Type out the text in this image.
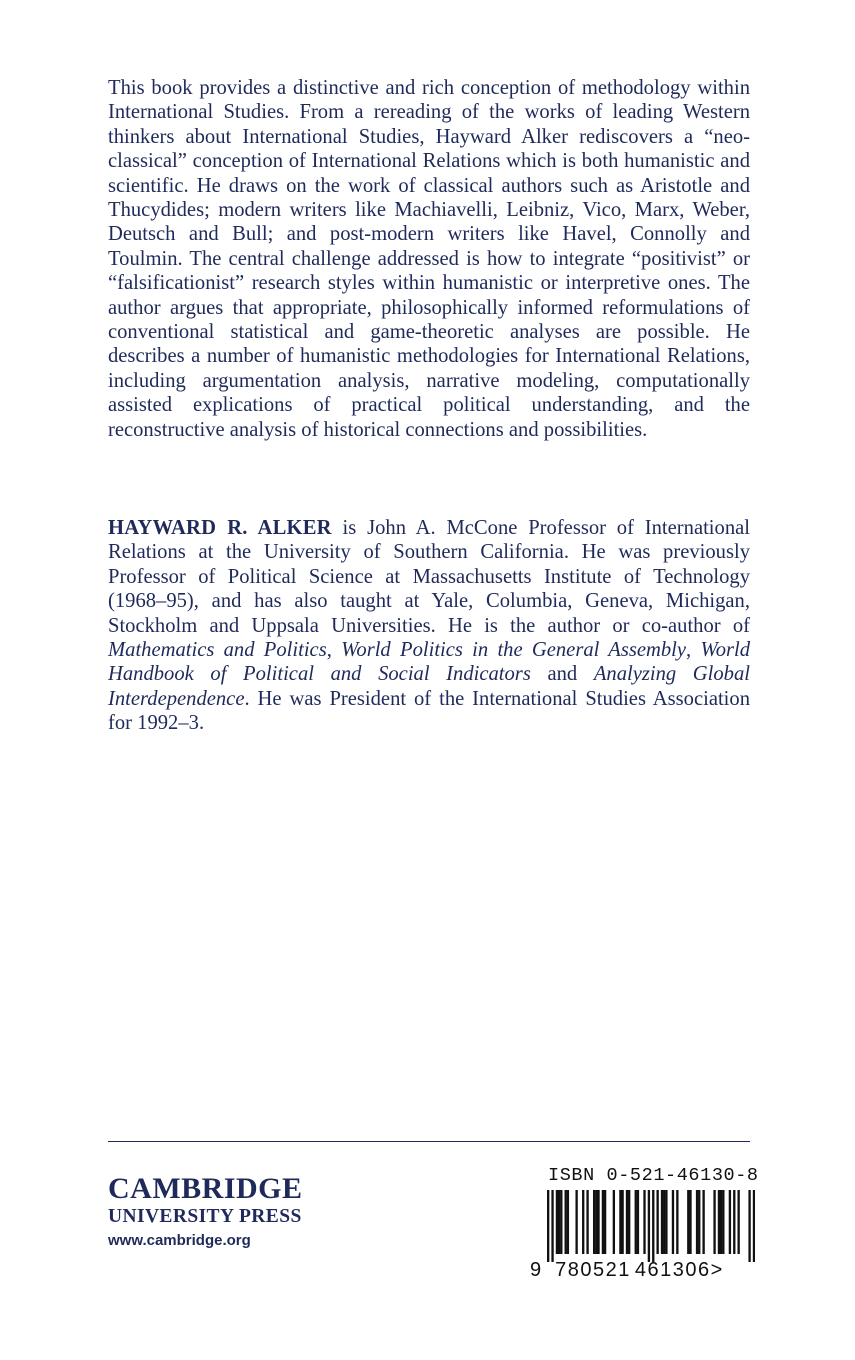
This book provides a distinctive and rich conception of methodology within International Studies. From a rereading of the works of leading Western thinkers about International Studies, Hayward Alker rediscovers a “neo-classical” conception of International Relations which is both humanistic and scientific. He draws on the work of classical authors such as Aristotle and Thucydides; modern writers like Machiavelli, Leibniz, Vico, Marx, Weber, Deutsch and Bull; and post-modern writers like Havel, Connolly and Toulmin. The central challenge addressed is how to integrate “positivist” or “falsificationist” research styles within humanistic or interpretive ones. The author argues that appropriate, philosophically informed reformulations of conventional statistical and game-theoretic analyses are possible. He describes a number of humanistic methodologies for International Relations, including argumentation analysis, narrative modeling, computationally assisted explications of practical political understanding, and the reconstructive analysis of historical connections and possibilities.

HAYWARD R. ALKER is John A. McCone Professor of International Relations at the University of Southern California. He was previously Professor of Political Science at Massachusetts Institute of Technology (1968–95), and has also taught at Yale, Columbia, Geneva, Michigan, Stockholm and Uppsala Universities. He is the author or co-author of Mathematics and Politics, World Politics in the General Assembly, World Handbook of Political and Social Indicators and Analyzing Global Interdependence. He was President of the International Studies Association for 1992–3.

CAMBRIDGE
UNIVERSITY PRESS
www.cambridge.org
ISBN 0-521-46130-8
9 780521 461306>
